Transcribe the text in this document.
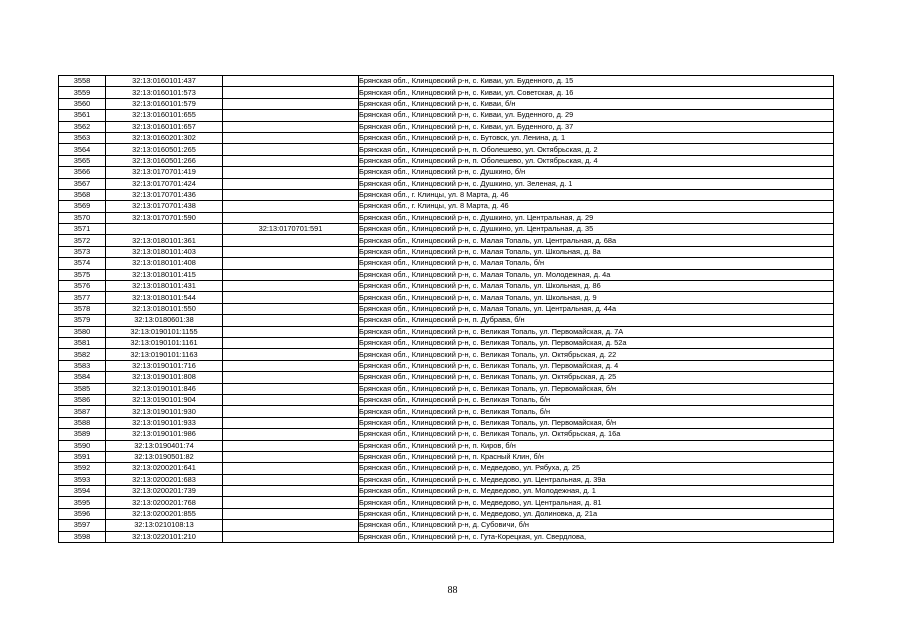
3558	32:13:0160101:437		Брянская обл., Клинцовский р-н, с. Киваи, ул. Буденного, д. 15
3559	32:13:0160101:573		Брянская обл., Клинцовский р-н, с. Киваи, ул. Советская, д. 16
3560	32:13:0160101:579		Брянская обл., Клинцовский р-н, с. Киваи, б/н
3561	32:13:0160101:655		Брянская обл., Клинцовский р-н, с. Киваи, ул. Буденного, д. 29
3562	32:13:0160101:657		Брянская обл., Клинцовский р-н, с. Киваи, ул. Буденного, д. 37
3563	32:13:0160201:302		Брянская обл., Клинцовский р-н, с. Бутовск, ул. Ленина, д. 1
3564	32:13:0160501:265		Брянская обл., Клинцовский р-н, п. Оболешево, ул. Октябрьская, д. 2
3565	32:13:0160501:266		Брянская обл., Клинцовский р-н, п. Оболешево, ул. Октябрьская, д. 4
3566	32:13:0170701:419		Брянская обл., Клинцовский р-н, с. Душкино, б/н
3567	32:13:0170701:424		Брянская обл., Клинцовский р-н, с. Душкино, ул. Зеленая, д. 1
3568	32:13:0170701:436		Брянская обл., г. Клинцы, ул. 8 Марта, д. 46
3569	32:13:0170701:438		Брянская обл., г. Клинцы, ул. 8 Марта, д. 46
3570	32:13:0170701:590		Брянская обл., Клинцовский р-н, с. Душкино, ул. Центральная, д. 29
3571		32:13:0170701:591	Брянская обл., Клинцовский р-н, с. Душкино, ул. Центральная, д. 35
3572	32:13:0180101:361		Брянская обл., Клинцовский р-н, с. Малая Топаль, ул. Центральная, д. 68а
3573	32:13:0180101:403		Брянская обл., Клинцовский р-н, с. Малая Топаль, ул. Школьная, д. 8а
3574	32:13:0180101:408		Брянская обл., Клинцовский р-н, с. Малая Топаль, б/н
3575	32:13:0180101:415		Брянская обл., Клинцовский р-н, с. Малая Топаль, ул. Молодежная, д. 4а
3576	32:13:0180101:431		Брянская обл., Клинцовский р-н, с. Малая Топаль, ул. Школьная, д. 86
3577	32:13:0180101:544		Брянская обл., Клинцовский р-н, с. Малая Топаль, ул. Школьная, д. 9
3578	32:13:0180101:550		Брянская обл., Клинцовский р-н, с. Малая Топаль, ул. Центральная, д. 44а
3579	32:13:0180601:38		Брянская обл., Клинцовский р-н, п. Дубрава, б/н
3580	32:13:0190101:1155		Брянская обл., Клинцовский р-н, с. Великая Топаль, ул. Первомайская, д. 7А
3581	32:13:0190101:1161		Брянская обл., Клинцовский р-н, с. Великая Топаль, ул. Первомайская, д. 52а
3582	32:13:0190101:1163		Брянская обл., Клинцовский р-н, с. Великая Топаль, ул. Октябрьская, д. 22
3583	32:13:0190101:716		Брянская обл., Клинцовский р-н, с. Великая Топаль, ул. Первомайская, д. 4
3584	32:13:0190101:808		Брянская обл., Клинцовский р-н, с. Великая Топаль, ул. Октябрьская, д. 25
3585	32:13:0190101:846		Брянская обл., Клинцовский р-н, с. Великая Топаль, ул. Первомайская, б/н
3586	32:13:0190101:904		Брянская обл., Клинцовский р-н, с. Великая Топаль, б/н
3587	32:13:0190101:930		Брянская обл., Клинцовский р-н, с. Великая Топаль, б/н
3588	32:13:0190101:933		Брянская обл., Клинцовский р-н, с. Великая Топаль, ул. Первомайская, б/н
3589	32:13:0190101:986		Брянская обл., Клинцовский р-н, с. Великая Топаль, ул. Октябрьская, д. 16а
3590	32:13:0190401:74		Брянская обл., Клинцовский р-н, п. Киров, б/н
3591	32:13:0190501:82		Брянская обл., Клинцовский р-н, п. Красный Клин, б/н
3592	32:13:0200201:641		Брянская обл., Клинцовский р-н, с. Медведово, ул. Рябуха, д. 25
3593	32:13:0200201:683		Брянская обл., Клинцовский р-н, с. Медведово, ул. Центральная, д. 39а
3594	32:13:0200201:739		Брянская обл., Клинцовский р-н, с. Медведово, ул. Молодежная, д. 1
3595	32:13:0200201:768		Брянская обл., Клинцовский р-н, с. Медведово, ул. Центральная, д. 81
3596	32:13:0200201:855		Брянская обл., Клинцовский р-н, с. Медведово, ул. Долиновка, д. 21а
3597	32:13:0210108:13		Брянская обл., Клинцовский р-н, д. Субовичи, б/н
3598	32:13:0220101:210		Брянская обл., Клинцовский р-н, с. Гута-Корецкая, ул. Свердлова,
88
